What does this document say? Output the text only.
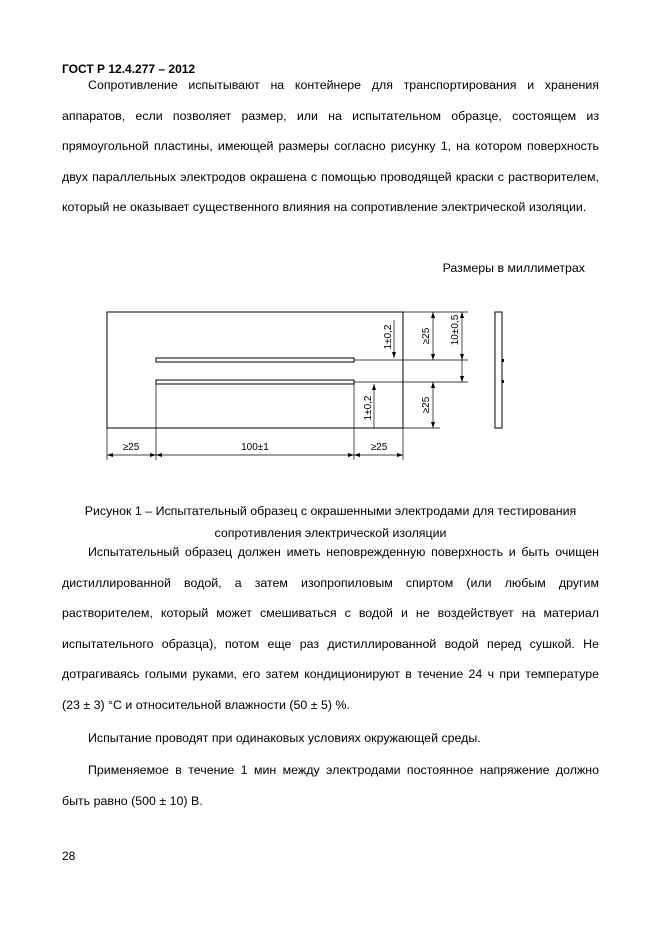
ГОСТ Р 12.4.277 – 2012

Сопротивление испытывают на контейнере для транспортирования и хранения аппаратов, если позволяет размер, или на испытательном образце, состоящем из прямоугольной пластины, имеющей размеры согласно рисунку 1, на котором поверхность двух параллельных электродов окрашена с помощью проводящей краски с растворителем, который не оказывает существенного влияния на сопротивление электрической изоляции.

Размеры в миллиметрах
≥25	100±1	≥25
1±0,2
1±0,2
≥25
≥25
10±0,5
Рисунок 1 – Испытательный образец с окрашенными электродами для тестирования
сопротивления электрической изоляции

Испытательный образец должен иметь неповрежденную поверхность и быть очищен дистиллированной водой, а затем изопропиловым спиртом (или любым другим растворителем, который может смешиваться с водой и не воздействует на материал испытательного образца), потом еще раз дистиллированной водой перед сушкой. Не дотрагиваясь голыми руками, его затем кондиционируют в течение 24 ч при температуре (23 ± 3) °С и относительной влажности (50 ± 5) %.

Испытание проводят при одинаковых условиях окружающей среды.

Применяемое в течение 1 мин между электродами постоянное напряжение должно быть равно (500 ± 10) В.

28
